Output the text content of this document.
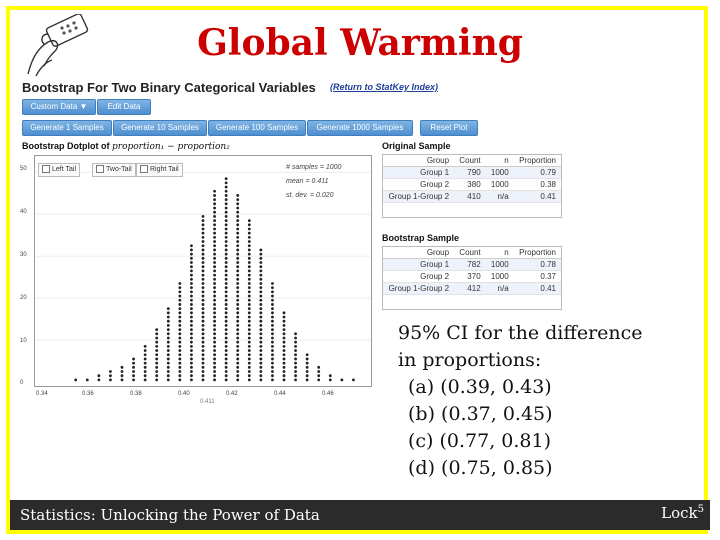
Global Warming
Bootstrap For Two Binary Categorical Variables (Return to StatKey Index)
Custom Data ▼	Edit Data
Generate 1 Samples	Generate 10 Samples	Generate 100 Samples	Generate 1000 Samples	Reset Plot
Bootstrap Dotplot of proportion₁ − proportion₂
50
40
30
20
10
0
0.34	0.36	0.38	0.40	0.42	0.44	0.46
0.411
Left Tail	Two-Tail	Right Tail	# samples = 1000
mean = 0.411
st. dev. = 0.020
Original Sample
Group	Count	n	Proportion
Group 1	790	1000	0.79
Group 2	380	1000	0.38
Group 1-Group 2	410	n/a	0.41
Bootstrap Sample
Group	Count	n	Proportion
Group 1	782	1000	0.78
Group 2	370	1000	0.37
Group 1-Group 2	412	n/a	0.41
95% CI for the difference
in proportions:
(a) (0.39, 0.43)
(b) (0.37, 0.45)
(c) (0.77, 0.81)
(d) (0.75, 0.85)
Statistics: Unlocking the Power of Data	Lock$^5$
